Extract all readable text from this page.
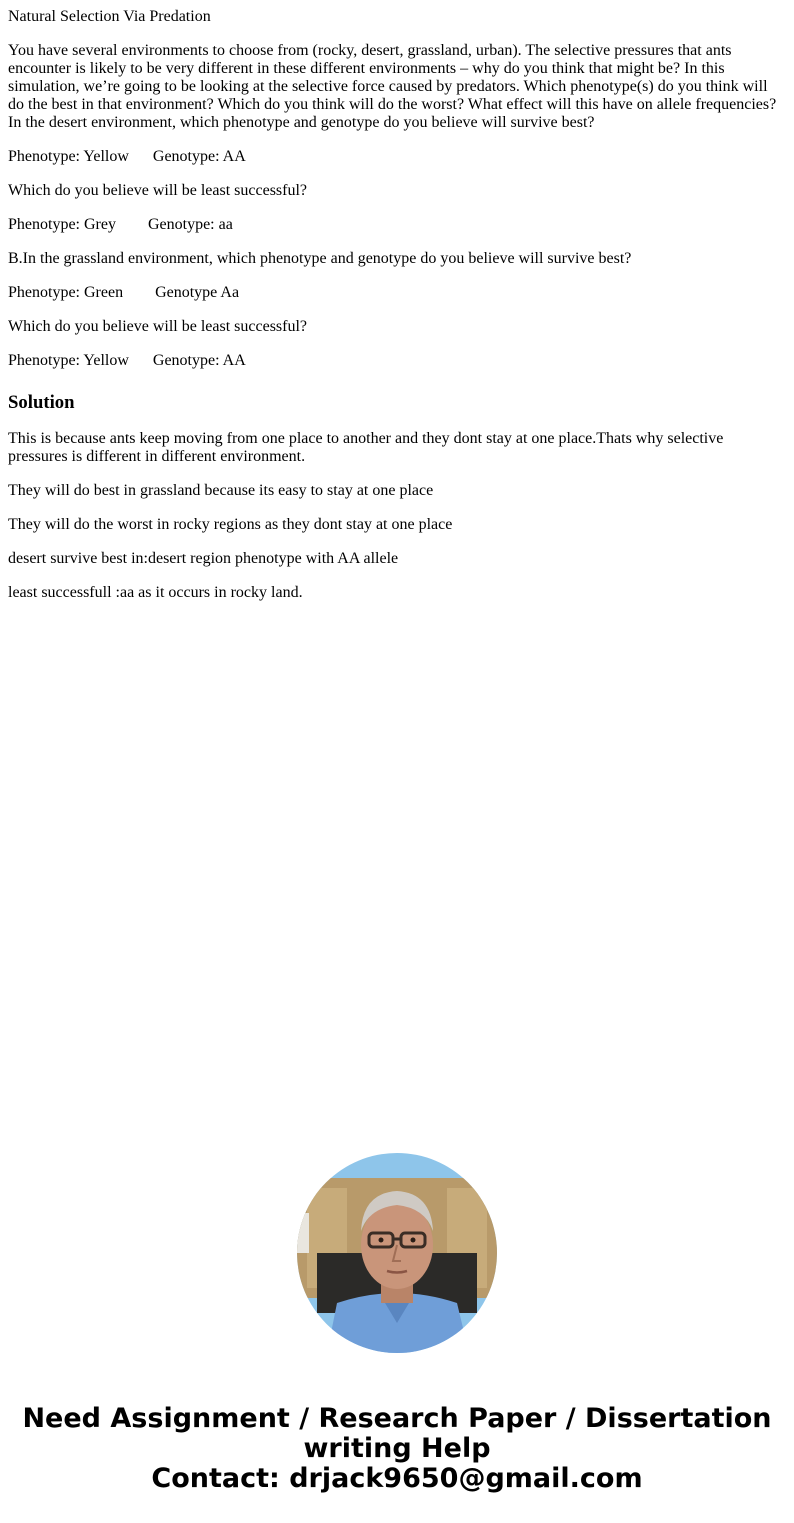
Natural Selection Via Predation
You have several environments to choose from (rocky, desert, grassland, urban). The selective pressures that ants encounter is likely to be very different in these different environments – why do you think that might be? In this simulation, we’re going to be looking at the selective force caused by predators. Which phenotype(s) do you think will do the best in that environment? Which do you think will do the worst? What effect will this have on allele frequencies? In the desert environment, which phenotype and genotype do you believe will survive best?
Phenotype: Yellow      Genotype: AA
Which do you believe will be least successful?
Phenotype: Grey        Genotype: aa
B.In the grassland environment, which phenotype and genotype do you believe will survive best?
Phenotype: Green        Genotype Aa
Which do you believe will be least successful?
Phenotype: Yellow      Genotype: AA
Solution
This is because ants keep moving from one place to another and they dont stay at one place.Thats why selective pressures is different in different environment.
They will do best in grassland because its easy to stay at one place
They will do the worst in rocky regions as they dont stay at one place
desert survive best in:desert region phenotype with AA allele
least successfull :aa as it occurs in rocky land.
Need Assignment / Research Paper / Dissertation
writing Help
Contact: drjack9650@gmail.com
